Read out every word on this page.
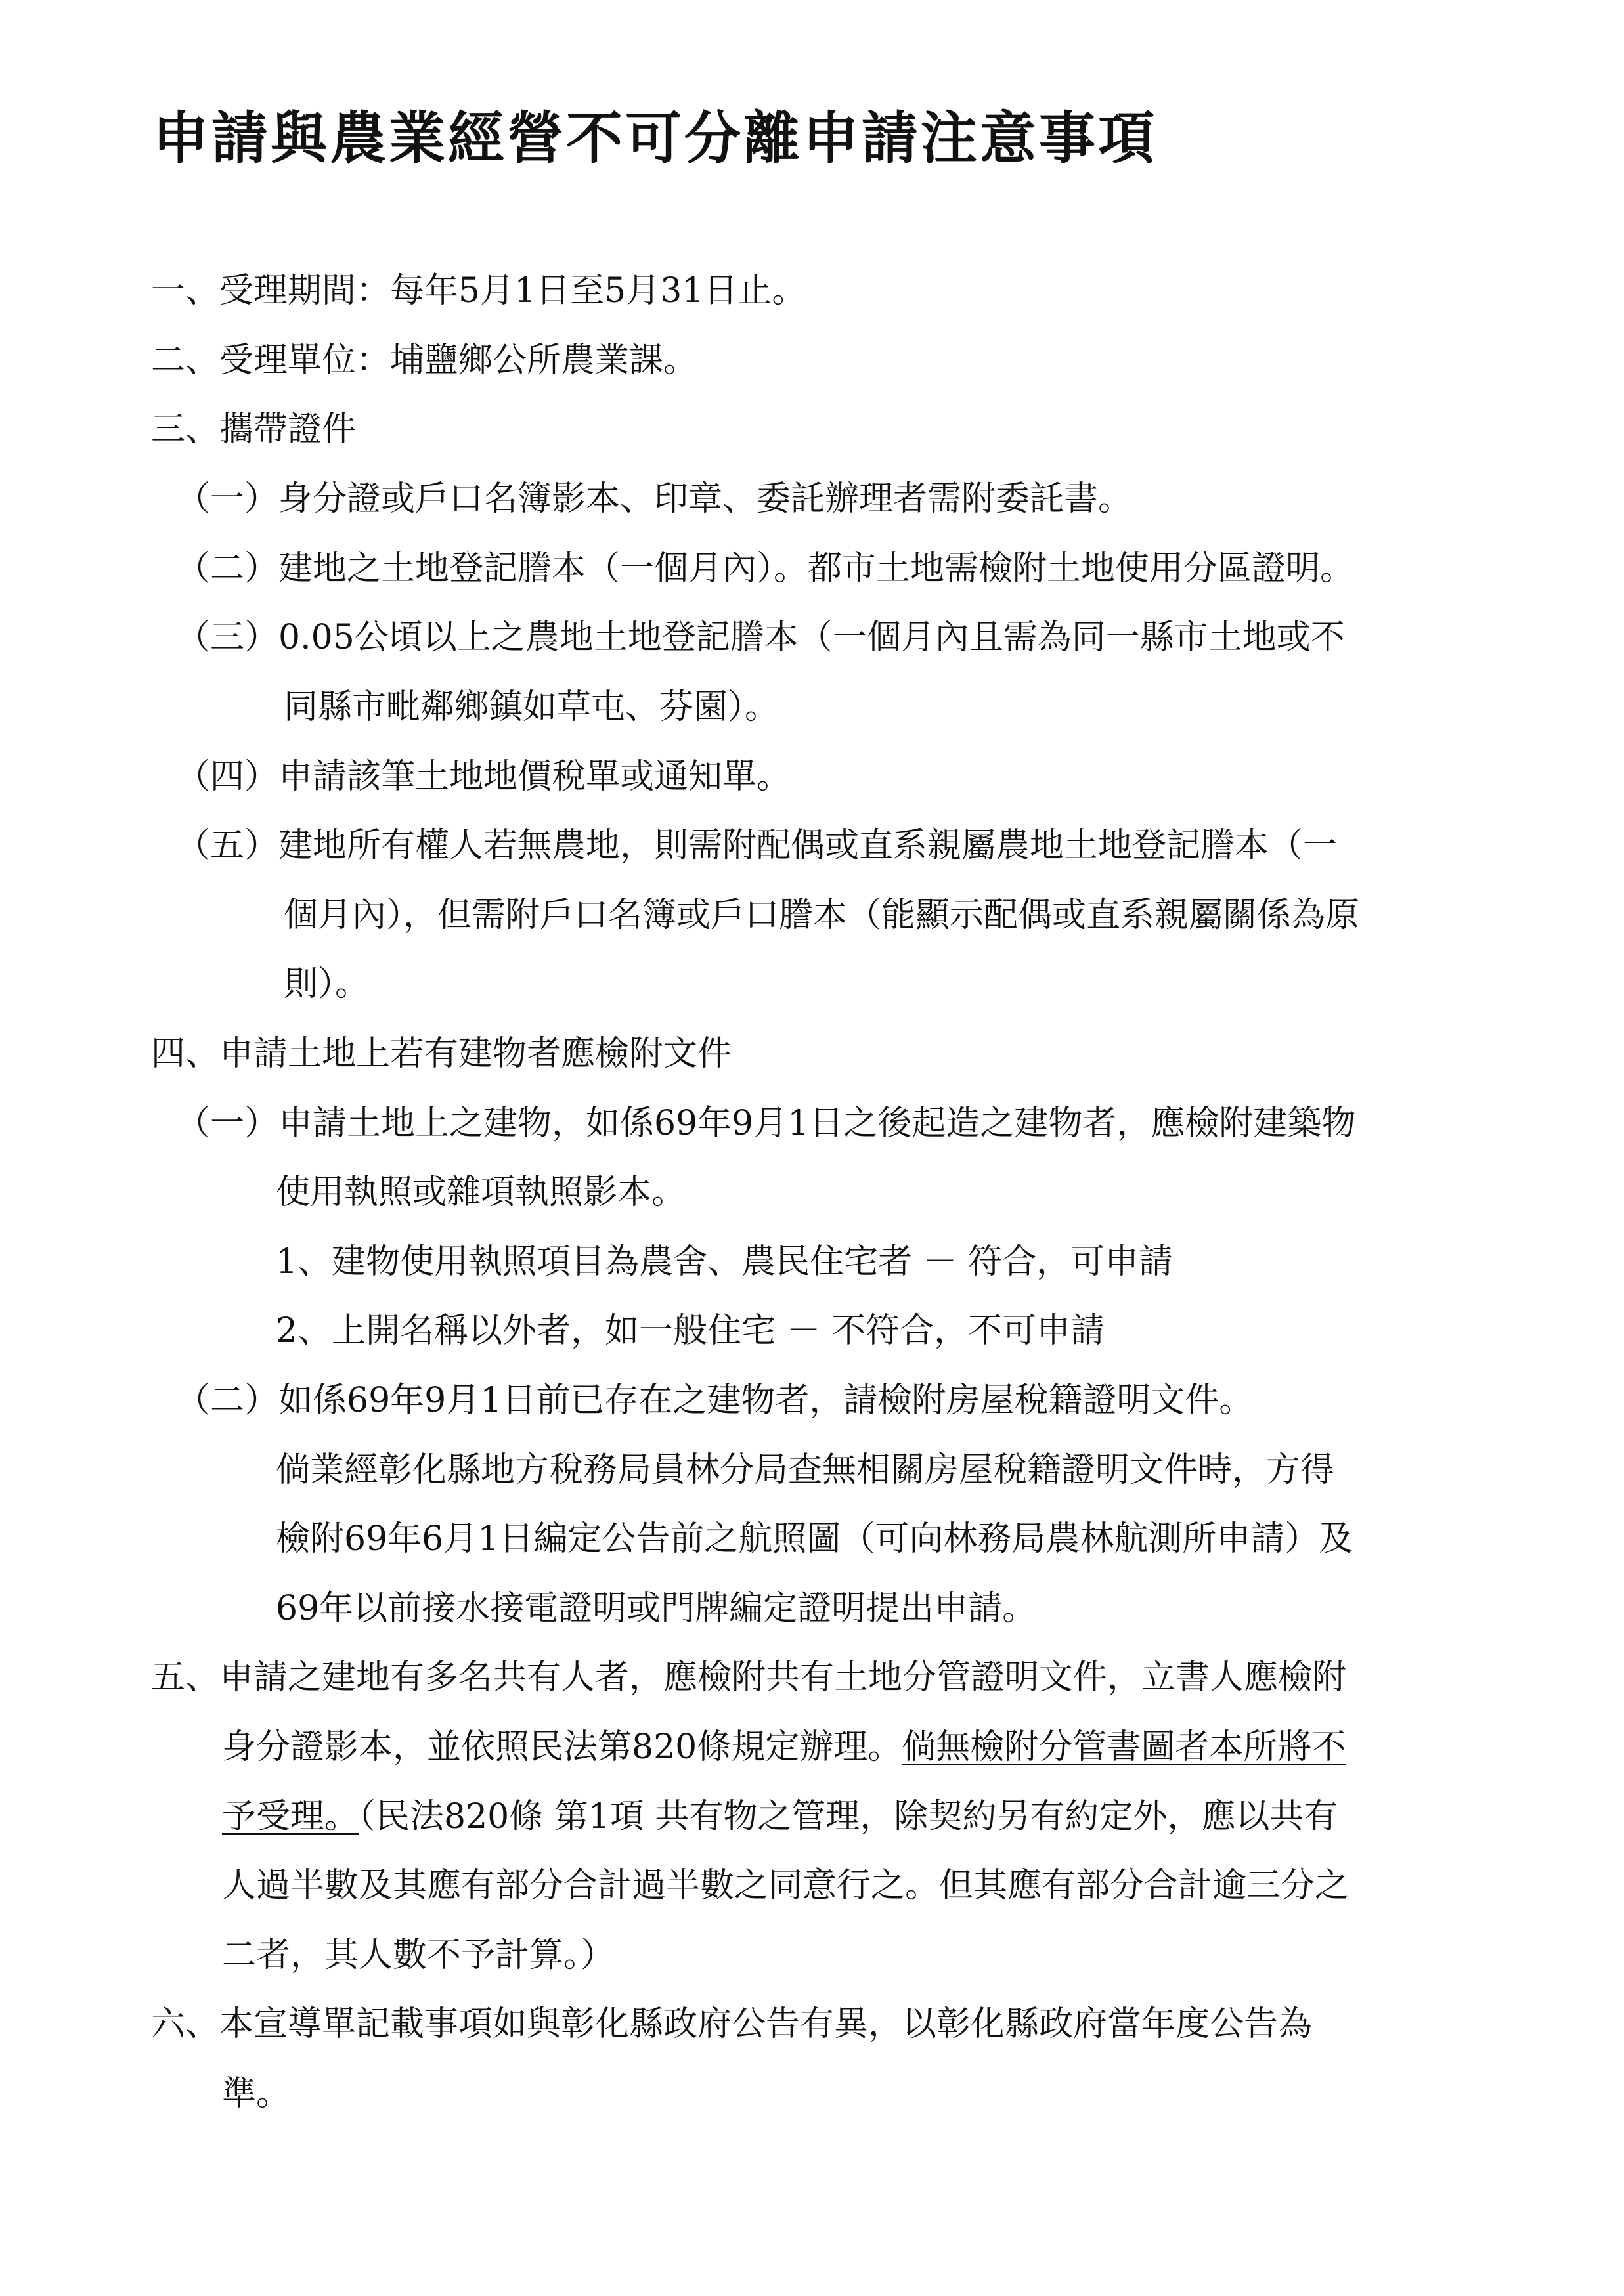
申請與農業經營不可分離申請注意事項
一、受理期間：每年5月1日至5月31日止。
二、受理單位：埔鹽鄉公所農業課。
三、攜帶證件
（一）身分證或戶口名簿影本、印章、委託辦理者需附委託書。
（二）建地之土地登記謄本（一個月內）。都市土地需檢附土地使用分區證明。
（三）0.05公頃以上之農地土地登記謄本（一個月內且需為同一縣市土地或不
同縣市毗鄰鄉鎮如草屯、芬園）。
（四）申請該筆土地地價稅單或通知單。
（五）建地所有權人若無農地，則需附配偶或直系親屬農地土地登記謄本（一
個月內），但需附戶口名簿或戶口謄本（能顯示配偶或直系親屬關係為原
則）。
四、申請土地上若有建物者應檢附文件
（一）申請土地上之建物，如係69年9月1日之後起造之建物者，應檢附建築物
使用執照或雜項執照影本。
1、建物使用執照項目為農舍、農民住宅者 － 符合，可申請
2、上開名稱以外者，如一般住宅 － 不符合，不可申請
（二）如係69年9月1日前已存在之建物者，請檢附房屋稅籍證明文件。
倘業經彰化縣地方稅務局員林分局查無相關房屋稅籍證明文件時，方得
檢附69年6月1日編定公告前之航照圖（可向林務局農林航測所申請）及
69年以前接水接電證明或門牌編定證明提出申請。
五、申請之建地有多名共有人者，應檢附共有土地分管證明文件，立書人應檢附
身分證影本，並依照民法第820條規定辦理。倘無檢附分管書圖者本所將不
予受理。（民法820條 第1項 共有物之管理，除契約另有約定外，應以共有
人過半數及其應有部分合計過半數之同意行之。但其應有部分合計逾三分之
二者，其人數不予計算。）
六、本宣導單記載事項如與彰化縣政府公告有異，以彰化縣政府當年度公告為
準。
